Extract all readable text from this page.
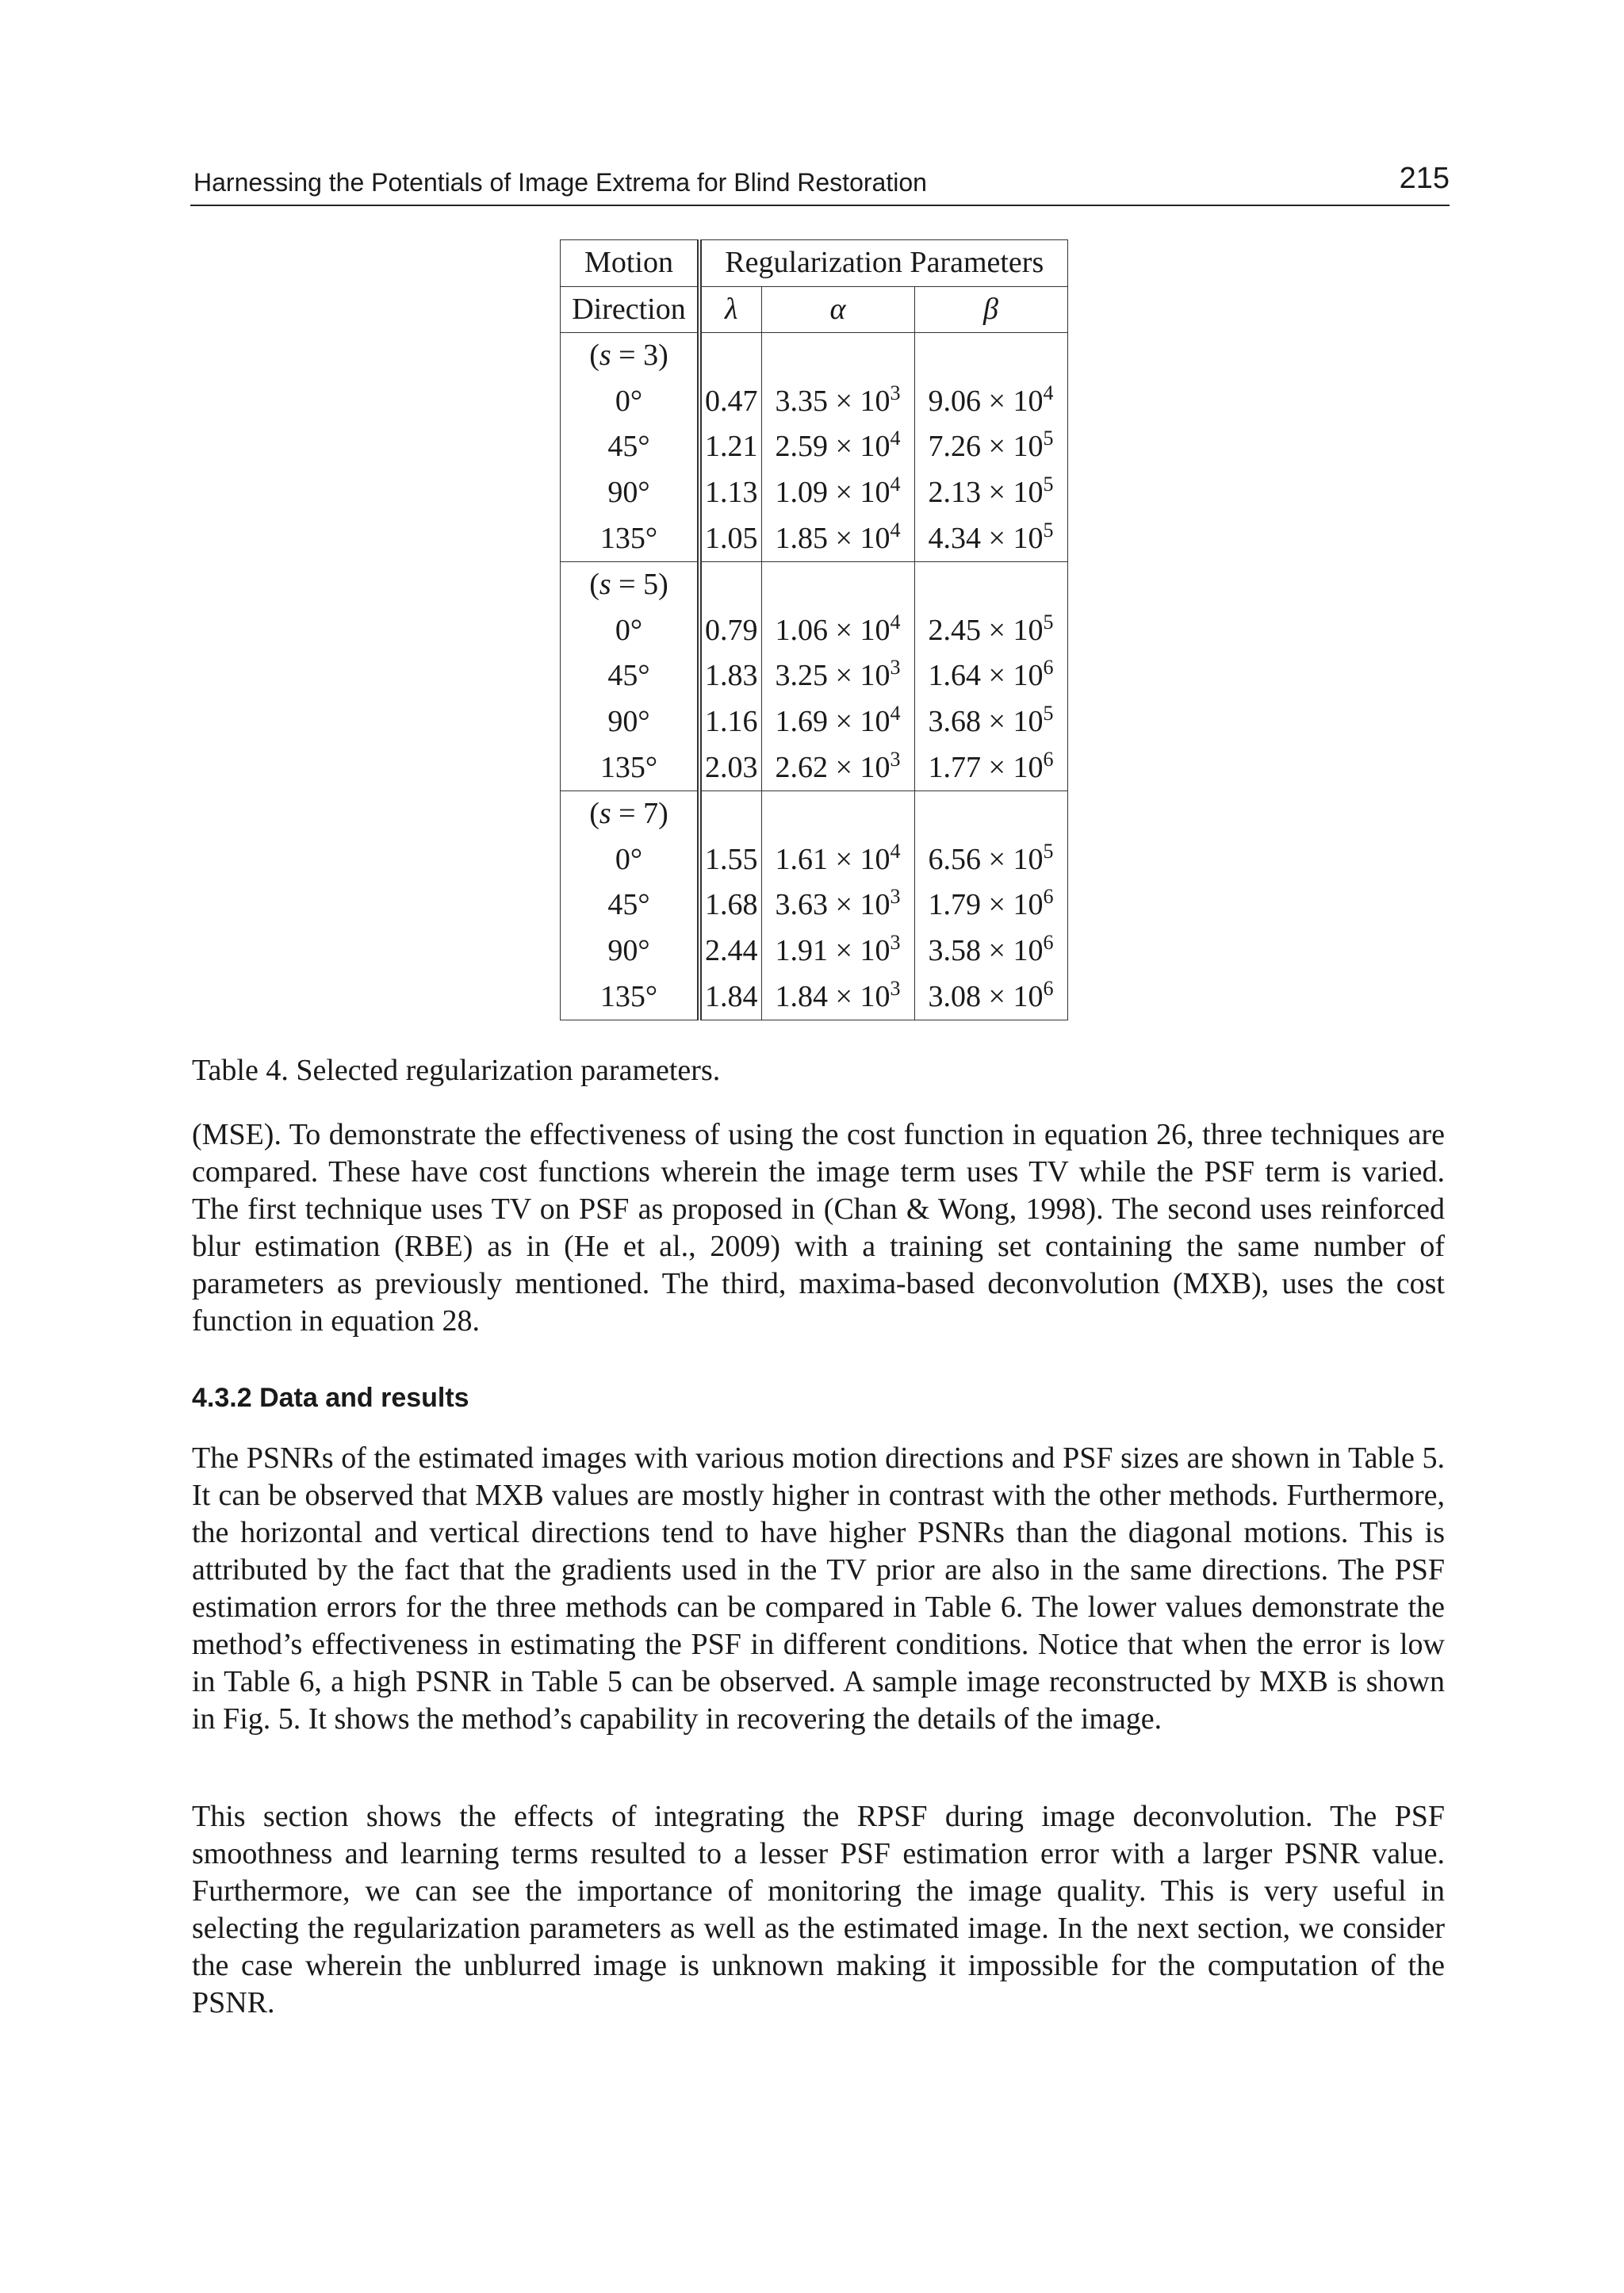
Harnessing the Potentials of Image Extrema for Blind Restoration	215
Motion	Regularization Parameters		
Direction	λ	α	β
(s = 3)			
0°	0.47	$3.35 \times 10^3$	$9.06 \times 10^4$
45°	1.21	$2.59 \times 10^4$	$7.26 \times 10^5$
90°	1.13	$1.09 \times 10^4$	$2.13 \times 10^5$
135°	1.05	$1.85 \times 10^4$	$4.34 \times 10^5$
(s = 5)			
0°	0.79	$1.06 \times 10^4$	$2.45 \times 10^5$
45°	1.83	$3.25 \times 10^3$	$1.64 \times 10^6$
90°	1.16	$1.69 \times 10^4$	$3.68 \times 10^5$
135°	2.03	$2.62 \times 10^3$	$1.77 \times 10^6$
(s = 7)			
0°	1.55	$1.61 \times 10^4$	$6.56 \times 10^5$
45°	1.68	$3.63 \times 10^3$	$1.79 \times 10^6$
90°	2.44	$1.91 \times 10^3$	$3.58 \times 10^6$
135°	1.84	$1.84 \times 10^3$	$3.08 \times 10^6$
Table 4. Selected regularization parameters.

(MSE). To demonstrate the effectiveness of using the cost function in equation 26, three techniques are compared. These have cost functions wherein the image term uses TV while the PSF term is varied. The first technique uses TV on PSF as proposed in (Chan & Wong, 1998). The second uses reinforced blur estimation (RBE) as in (He et al., 2009) with a training set containing the same number of parameters as previously mentioned. The third, maxima-based deconvolution (MXB), uses the cost function in equation 28.

4.3.2 Data and results

The PSNRs of the estimated images with various motion directions and PSF sizes are shown in Table 5. It can be observed that MXB values are mostly higher in contrast with the other methods. Furthermore, the horizontal and vertical directions tend to have higher PSNRs than the diagonal motions. This is attributed by the fact that the gradients used in the TV prior are also in the same directions. The PSF estimation errors for the three methods can be compared in Table 6. The lower values demonstrate the method’s effectiveness in estimating the PSF in different conditions. Notice that when the error is low in Table 6, a high PSNR in Table 5 can be observed. A sample image reconstructed by MXB is shown in Fig. 5. It shows the method’s capability in recovering the details of the image.

This section shows the effects of integrating the RPSF during image deconvolution. The PSF smoothness and learning terms resulted to a lesser PSF estimation error with a larger PSNR value. Furthermore, we can see the importance of monitoring the image quality. This is very useful in selecting the regularization parameters as well as the estimated image. In the next section, we consider the case wherein the unblurred image is unknown making it impossible for the computation of the PSNR.
